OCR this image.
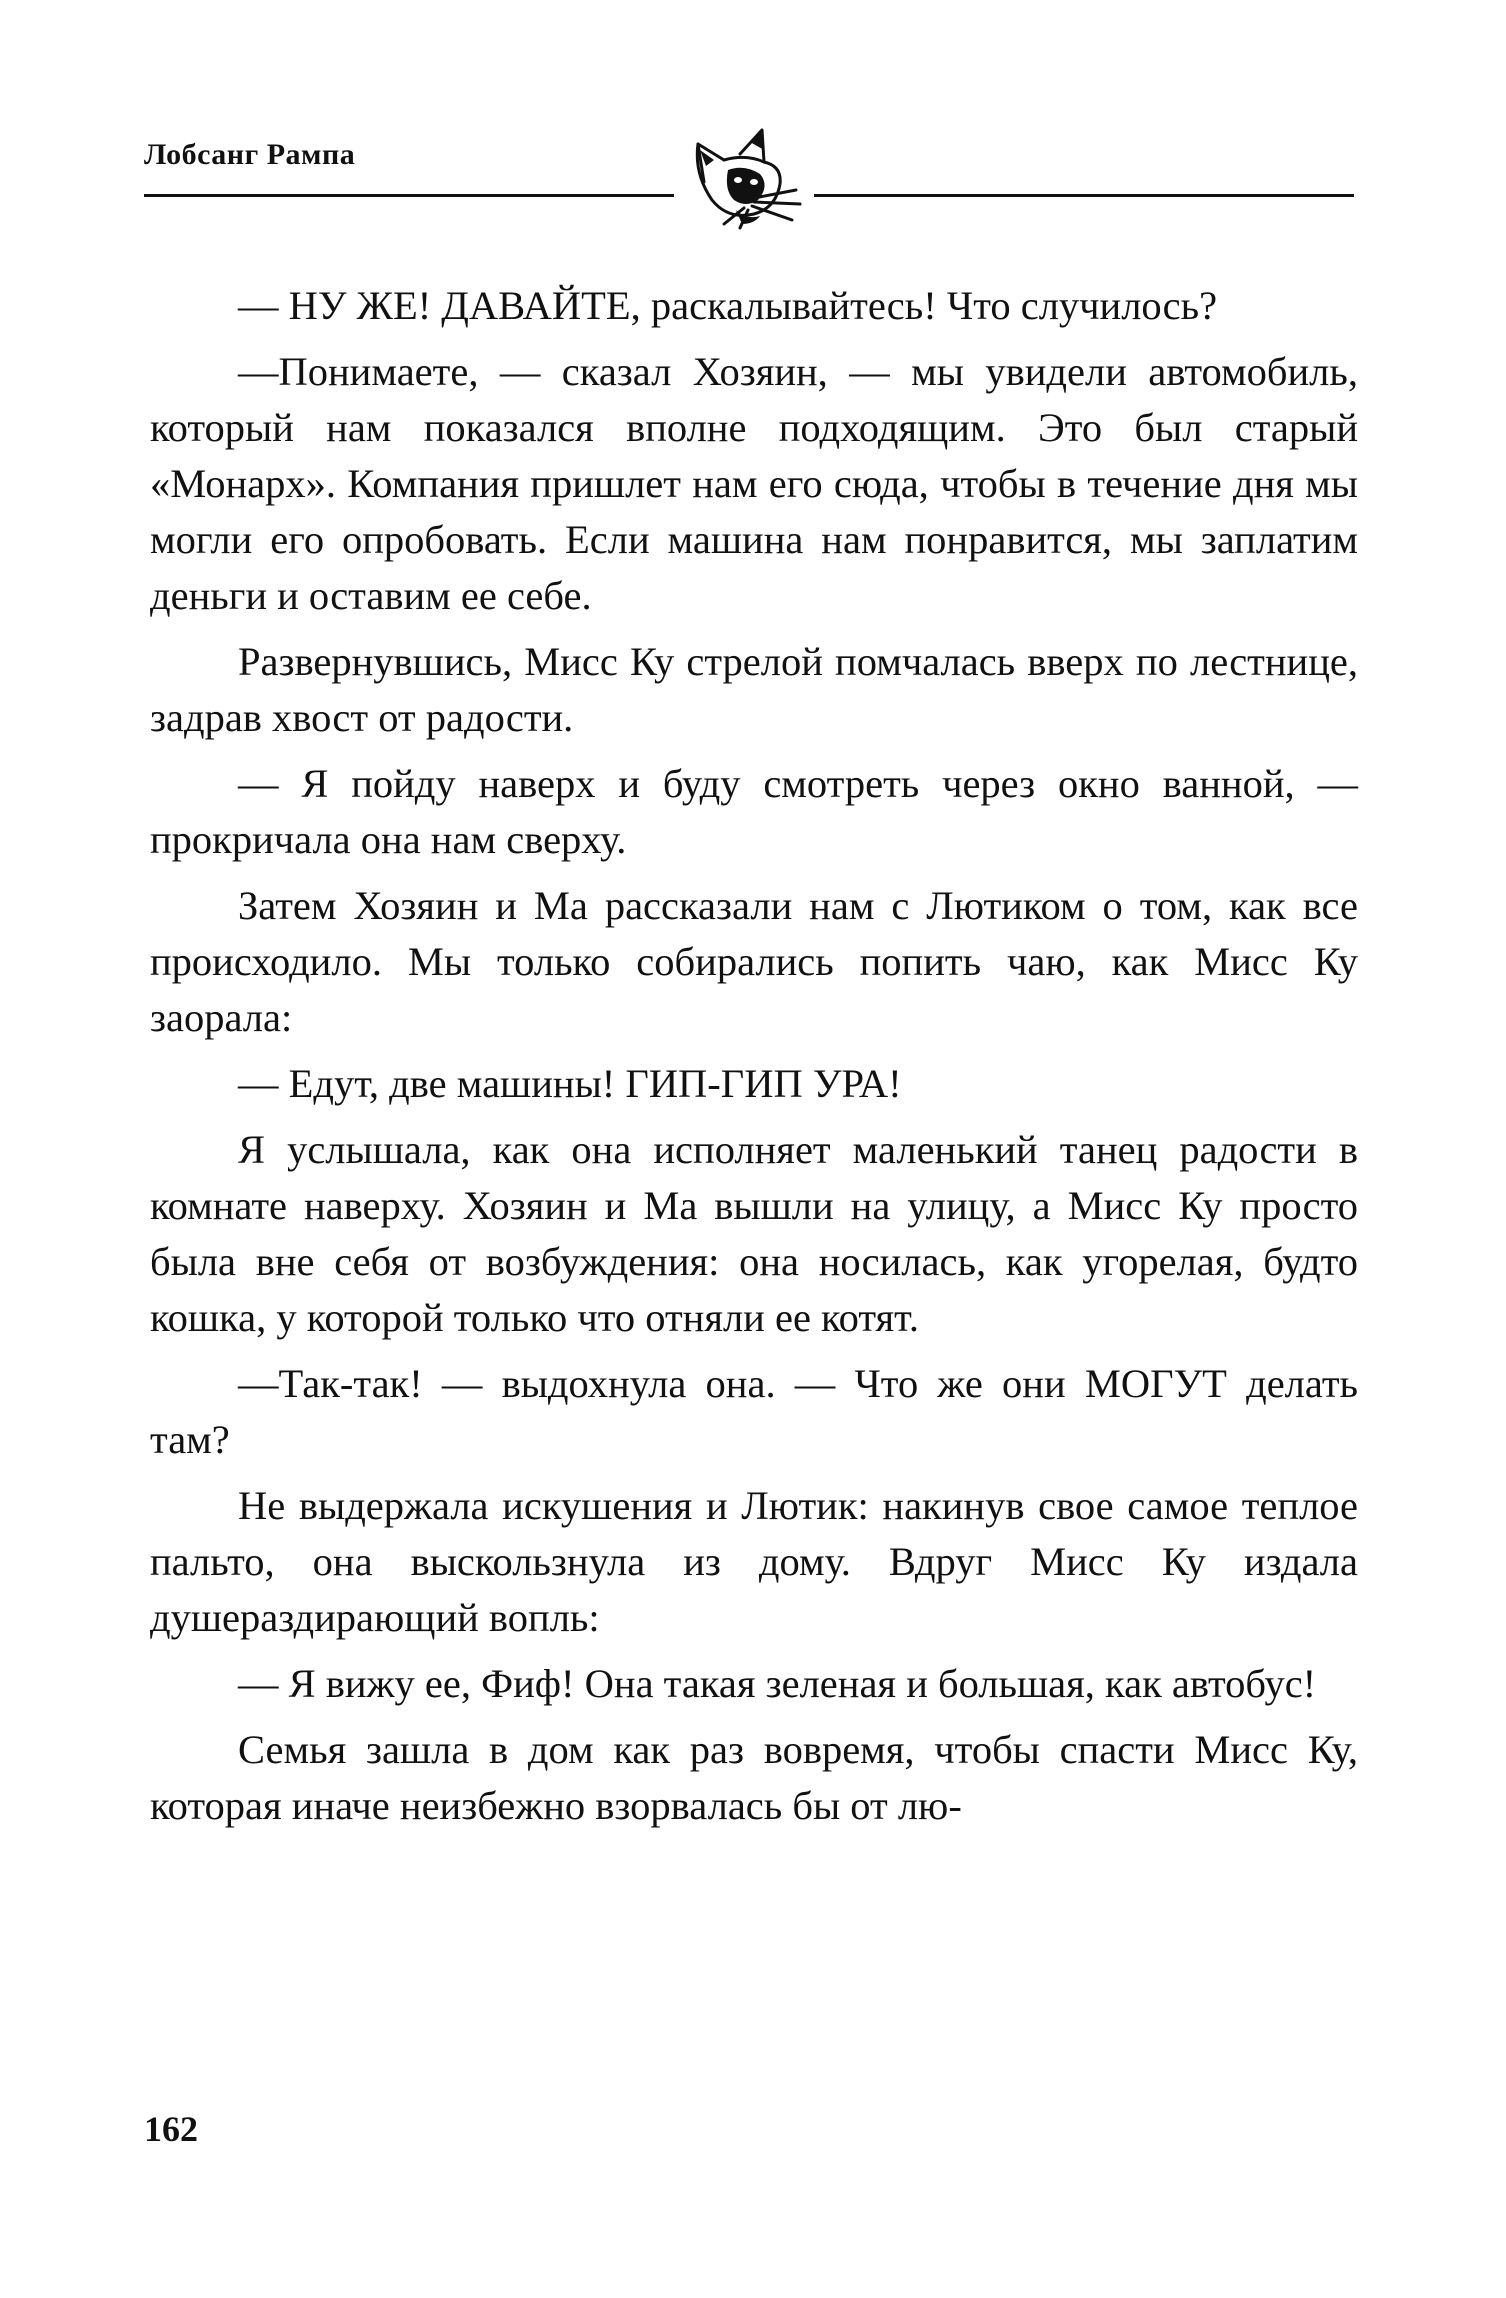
Лобсанг Рампа

— НУ ЖЕ! ДАВАЙТЕ, раскалывайтесь! Что случилось?

—Понимаете, — сказал Хозяин, — мы увидели автомобиль, который нам показался вполне подходящим. Это был старый «Монарх». Компания пришлет нам его сюда, чтобы в течение дня мы могли его опробовать. Если машина нам понравится, мы заплатим деньги и оставим ее себе.

Развернувшись, Мисс Ку стрелой помчалась вверх по лестнице, задрав хвост от радости.

— Я пойду наверх и буду смотреть через окно ванной, — прокричала она нам сверху.

Затем Хозяин и Ма рассказали нам с Лютиком о том, как все происходило. Мы только собирались попить чаю, как Мисс Ку заорала:

— Едут, две машины! ГИП-ГИП УРА!

Я услышала, как она исполняет маленький танец радости в комнате наверху. Хозяин и Ма вышли на улицу, а Мисс Ку просто была вне себя от возбуждения: она носилась, как угорелая, будто кошка, у которой только что отняли ее котят.

—Так-так! — выдохнула она. — Что же они МОГУТ делать там?

Не выдержала искушения и Лютик: накинув свое самое теплое пальто, она выскользнула из дому. Вдруг Мисс Ку издала душераздирающий вопль:

— Я вижу ее, Фиф! Она такая зеленая и большая, как автобус!

Семья зашла в дом как раз вовремя, чтобы спасти Мисс Ку, которая иначе неизбежно взорвалась бы от лю-

162
